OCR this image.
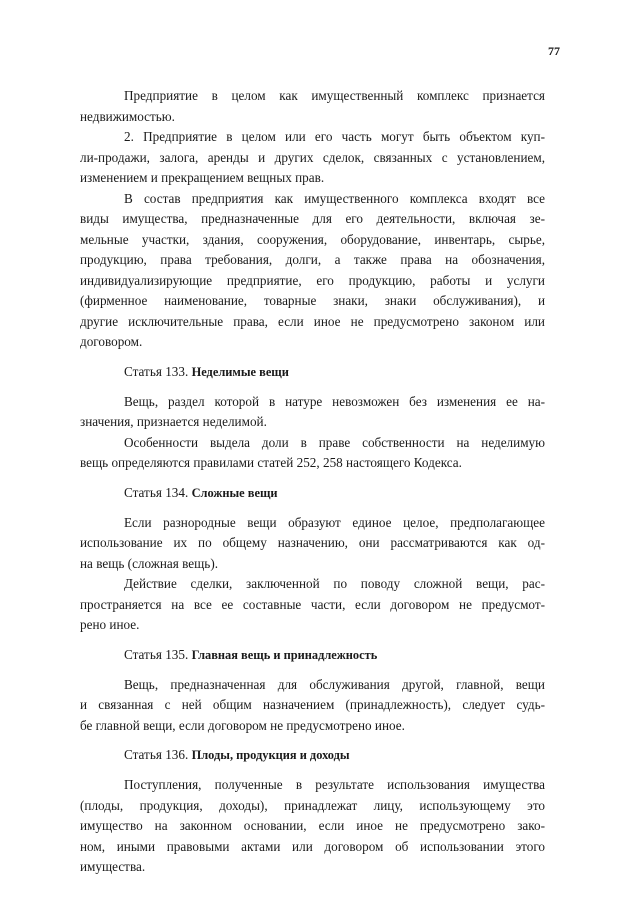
77
Предприятие в целом как имущественный комплекс признается
недвижимостью.
2. Предприятие в целом или его часть могут быть объектом куп-
ли-продажи, залога, аренды и других сделок, связанных с установлением,
изменением и прекращением вещных прав.
В состав предприятия как имущественного комплекса входят все
виды имущества, предназначенные для его деятельности, включая зе-
мельные участки, здания, сооружения, оборудование, инвентарь, сырье,
продукцию, права требования, долги, а также права на обозначения,
индивидуализирующие предприятие, его продукцию, работы и услуги
(фирменное наименование, товарные знаки, знаки обслуживания), и
другие исключительные права, если иное не предусмотрено законом или
договором.
Статья 133. Неделимые вещи
Вещь, раздел которой в натуре невозможен без изменения ее на-
значения, признается неделимой.
Особенности выдела доли в праве собственности на неделимую
вещь определяются правилами статей 252, 258 настоящего Кодекса.
Статья 134. Сложные вещи
Если разнородные вещи образуют единое целое, предполагающее
использование их по общему назначению, они рассматриваются как од-
на вещь (сложная вещь).
Действие сделки, заключенной по поводу сложной вещи, рас-
пространяется на все ее составные части, если договором не предусмот-
рено иное.
Статья 135. Главная вещь и принадлежность
Вещь, предназначенная для обслуживания другой, главной, вещи
и связанная с ней общим назначением (принадлежность), следует судь-
бе главной вещи, если договором не предусмотрено иное.
Статья 136. Плоды, продукция и доходы
Поступления, полученные в результате использования имущества
(плоды, продукция, доходы), принадлежат лицу, использующему это
имущество на законном основании, если иное не предусмотрено зако-
ном, иными правовыми актами или договором об использовании этого
имущества.
